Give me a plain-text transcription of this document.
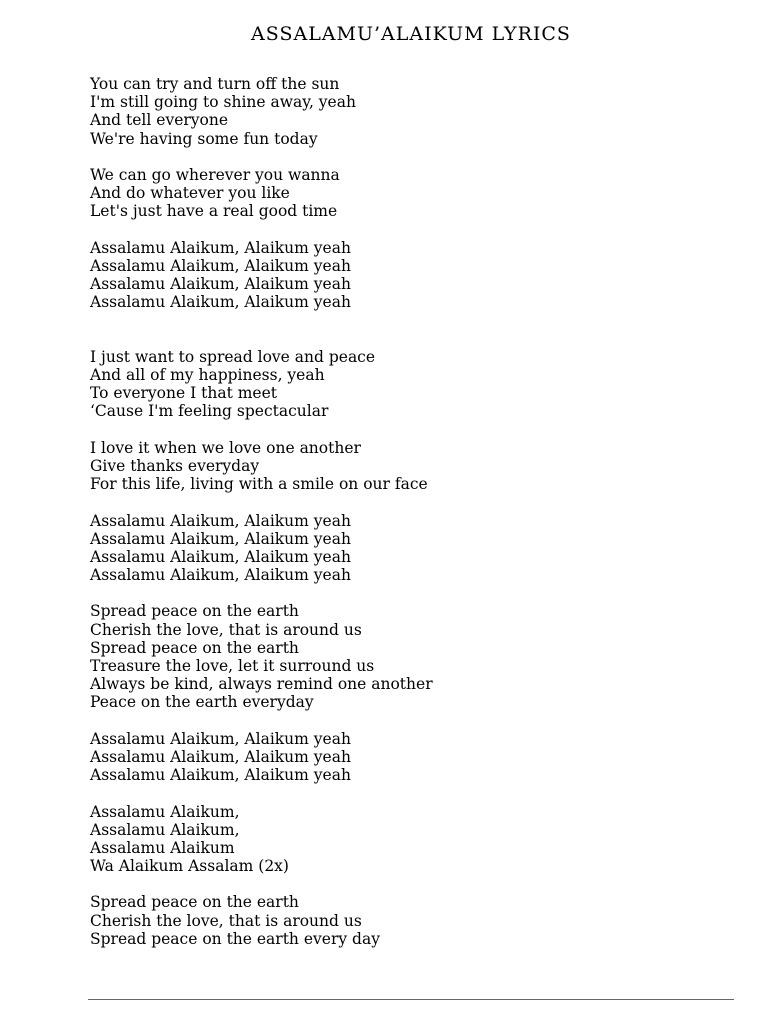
ASSALAMU’ALAIKUM LYRICS
You can try and turn off the sun
I'm still going to shine away, yeah
And tell everyone
We're having some fun today
We can go wherever you wanna
And do whatever you like
Let's just have a real good time
Assalamu Alaikum, Alaikum yeah
Assalamu Alaikum, Alaikum yeah
Assalamu Alaikum, Alaikum yeah
Assalamu Alaikum, Alaikum yeah
I just want to spread love and peace
And all of my happiness, yeah
To everyone I that meet
‘Cause I'm feeling spectacular
I love it when we love one another
Give thanks everyday
For this life, living with a smile on our face
Assalamu Alaikum, Alaikum yeah
Assalamu Alaikum, Alaikum yeah
Assalamu Alaikum, Alaikum yeah
Assalamu Alaikum, Alaikum yeah
Spread peace on the earth
Cherish the love, that is around us
Spread peace on the earth
Treasure the love, let it surround us
Always be kind, always remind one another
Peace on the earth everyday
Assalamu Alaikum, Alaikum yeah
Assalamu Alaikum, Alaikum yeah
Assalamu Alaikum, Alaikum yeah
Assalamu Alaikum,
Assalamu Alaikum,
Assalamu Alaikum
Wa Alaikum Assalam (2x)
Spread peace on the earth
Cherish the love, that is around us
Spread peace on the earth every day
